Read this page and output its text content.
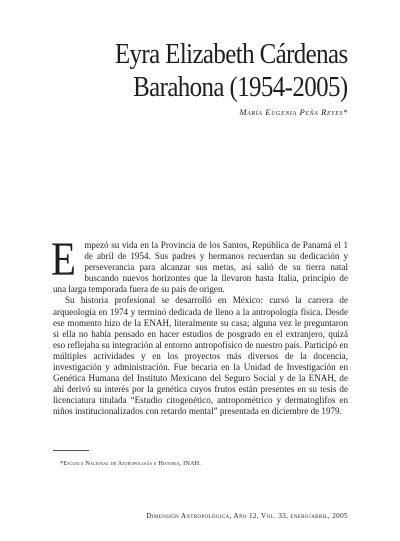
Eyra Elizabeth Cárdenas
Barahona (1954-2005)
María Eugenia Peña Reyes*

Empezó su vida en la Provincia de los Santos, República de Panamá el 1 de abril de 1954. Sus padres y hermanos recuerdan su dedicación y perseverancia para alcanzar sus metas, así salió de su tierra natal buscando nuevos horizontes que la llevaron hasta Italia, principio de una larga temporada fuera de su país de origen.

Su historia profesional se desarrolló en México: cursó la carrera de arqueología en 1974 y terminó dedicada de lleno a la antropología física. Desde ese momento hizo de la ENAH, literalmente su casa; alguna vez le preguntaron si ella no había pensado en hacer estudios de posgrado en el extranjero, quizá eso reflejaba su integración al entorno antropofísico de nuestro país. Participó en múltiples actividades y en los proyectos más diversos de la docencia, investigación y administración. Fue becaria en la Unidad de Investigación en Genética Humana del Instituto Mexicano del Seguro Social y de la ENAH, de ahí derivó su interés por la genética cuyos frutos están presentes en su tesis de licenciatura titulada “Estudio citogenético, antropométrico y dermatoglifos en niños institucionalizados con retardo mental” presentada en diciembre de 1979.

*Escuela Nacional de Antropología e Historia, INAH.
Dimensión Antropológica, Año 12, Vol. 33, enero/abril, 2005
